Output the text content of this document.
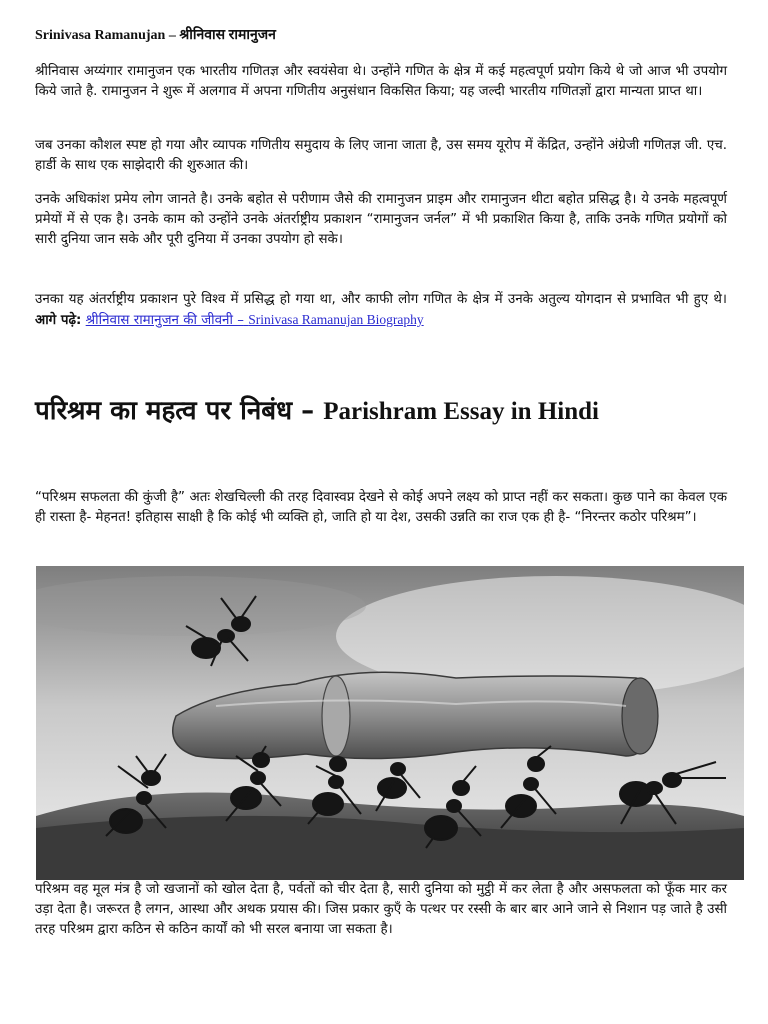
Srinivasa Ramanujan – श्रीनिवास रामानुजन

श्रीनिवास अय्यंगार रामानुजन एक भारतीय गणितज्ञ और स्वयंसेवा थे। उन्होंने गणित के क्षेत्र में कई महत्वपूर्ण प्रयोग किये थे जो आज भी उपयोग किये जाते है. रामानुजन ने शुरू में अलगाव में अपना गणितीय अनुसंधान विकसित किया; यह जल्दी भारतीय गणितज्ञों द्वारा मान्यता प्राप्त था।

जब उनका कौशल स्पष्ट हो गया और व्यापक गणितीय समुदाय के लिए जाना जाता है, उस समय यूरोप में केंद्रित, उन्होंने अंग्रेजी गणितज्ञ जी. एच. हार्डी के साथ एक साझेदारी की शुरुआत की।

उनके अधिकांश प्रमेय लोग जानते है। उनके बहोत से परीणाम जैसे की रामानुजन प्राइम और रामानुजन थीटा बहोत प्रसिद्ध है। ये उनके महत्वपूर्ण प्रमेयों में से एक है। उनके काम को उन्होंने उनके अंतर्राष्ट्रीय प्रकाशन “रामानुजन जर्नल” में भी प्रकाशित किया है, ताकि उनके गणित प्रयोगों को सारी दुनिया जान सके और पूरी दुनिया में उनका उपयोग हो सके।

उनका यह अंतर्राष्ट्रीय प्रकाशन पुरे विश्व में प्रसिद्ध हो गया था, और काफी लोग गणित के क्षेत्र में उनके अतुल्य योगदान से प्रभावित भी हुए थे। आगे पढ़े: श्रीनिवास रामानुजन की जीवनी – Srinivasa Ramanujan Biography

परिश्रम का महत्व पर निबंध – Parishram Essay in Hindi

“परिश्रम सफलता की कुंजी है” अतः शेखचिल्ली की तरह दिवास्वप्न देखने से कोई अपने लक्ष्य को प्राप्त नहीं कर सकता। कुछ पाने का केवल एक ही रास्ता है- मेहनत! इतिहास साक्षी है कि कोई भी व्यक्ति हो, जाति हो या देश, उसकी उन्नति का राज एक ही है- “निरन्तर कठोर परिश्रम”।

परिश्रम वह मूल मंत्र है जो खजानों को खोल देता है, पर्वतों को चीर देता है, सारी दुनिया को मुट्ठी में कर लेता है और असफलता को फूँक मार कर उड़ा देता है। जरूरत है लगन, आस्था और अथक प्रयास की। जिस प्रकार कुएँ के पत्थर पर रस्सी के बार बार आने जाने से निशान पड़ जाते है उसी तरह परिश्रम द्वारा कठिन से कठिन कार्यों को भी सरल बनाया जा सकता है।
